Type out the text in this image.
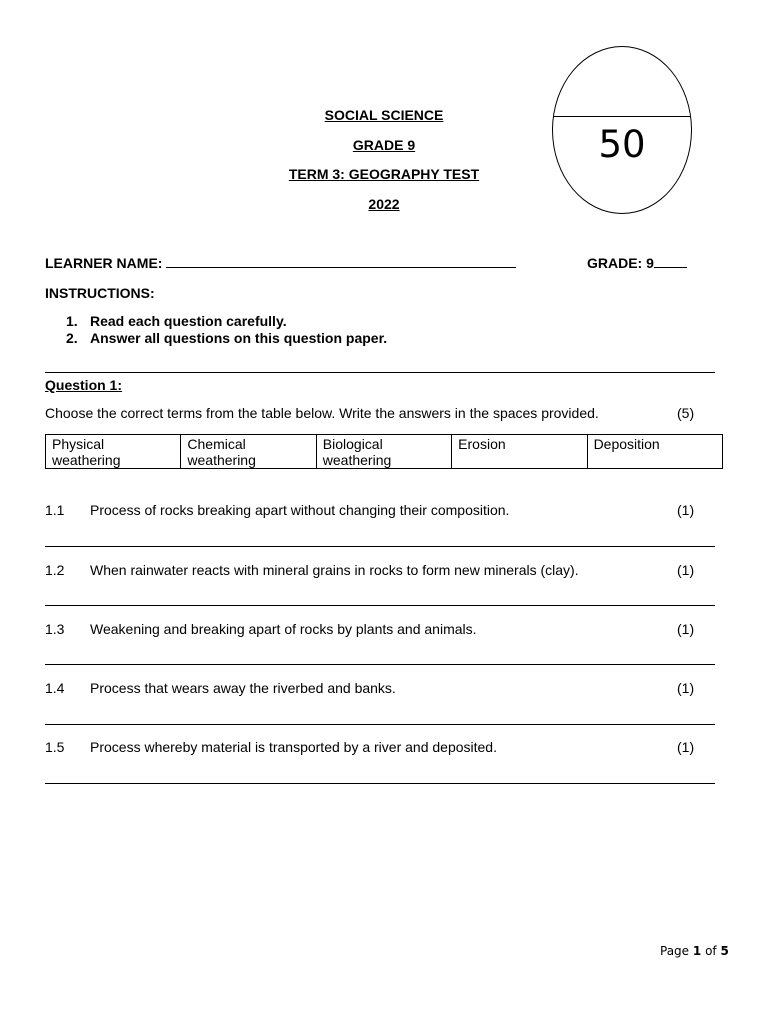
SOCIAL SCIENCE
GRADE 9
TERM 3: GEOGRAPHY TEST
2022
50
LEARNER NAME:	GRADE: 9
INSTRUCTIONS:
1. Read each question carefully.
2. Answer all questions on this question paper.
Question 1:
Choose the correct terms from the table below. Write the answers in the spaces provided.	(5)
Physical weathering	Chemical weathering	Biological weathering	Erosion	Deposition
1.1 Process of rocks breaking apart without changing their composition.	(1)
1.2 When rainwater reacts with mineral grains in rocks to form new minerals (clay).	(1)
1.3 Weakening and breaking apart of rocks by plants and animals.	(1)
1.4 Process that wears away the riverbed and banks.	(1)
1.5 Process whereby material is transported by a river and deposited.	(1)
Page 1 of 5
